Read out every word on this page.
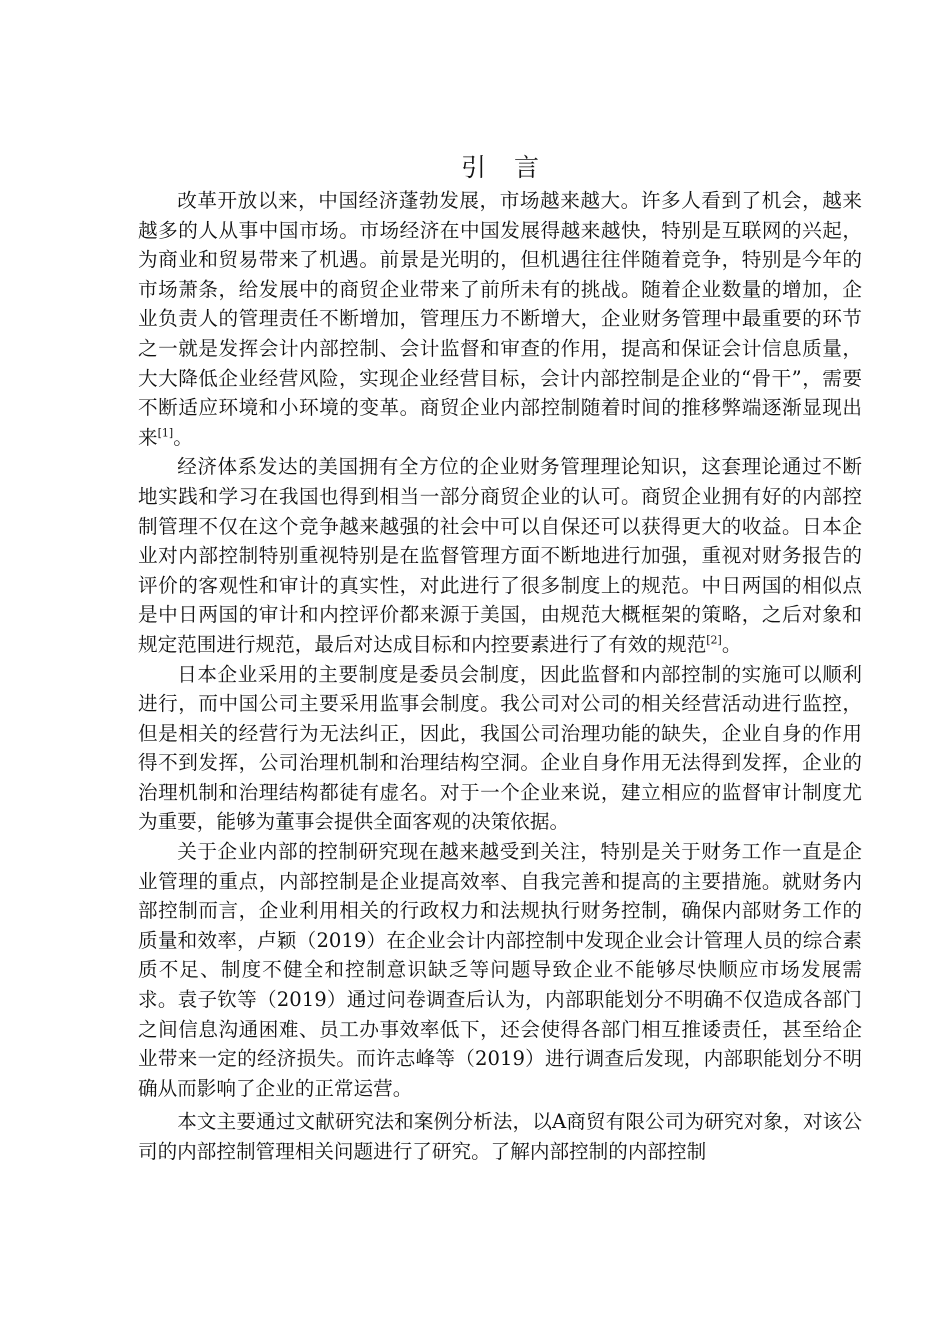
引 言

改革开放以来，中国经济蓬勃发展，市场越来越大。许多人看到了机会，越来越多的人从事中国市场。市场经济在中国发展得越来越快，特别是互联网的兴起，为商业和贸易带来了机遇。前景是光明的，但机遇往往伴随着竞争，特别是今年的市场萧条，给发展中的商贸企业带来了前所未有的挑战。随着企业数量的增加，企业负责人的管理责任不断增加，管理压力不断增大，企业财务管理中最重要的环节之一就是发挥会计内部控制、会计监督和审查的作用，提高和保证会计信息质量，大大降低企业经营风险，实现企业经营目标，会计内部控制是企业的“骨干”，需要不断适应环境和小环境的变革。商贸企业内部控制随着时间的推移弊端逐渐显现出来[1]。

经济体系发达的美国拥有全方位的企业财务管理理论知识，这套理论通过不断地实践和学习在我国也得到相当一部分商贸企业的认可。商贸企业拥有好的内部控制管理不仅在这个竞争越来越强的社会中可以自保还可以获得更大的收益。日本企业对内部控制特别重视特别是在监督管理方面不断地进行加强，重视对财务报告的评价的客观性和审计的真实性，对此进行了很多制度上的规范。中日两国的相似点是中日两国的审计和内控评价都来源于美国，由规范大概框架的策略，之后对象和规定范围进行规范，最后对达成目标和内控要素进行了有效的规范[2]。

日本企业采用的主要制度是委员会制度，因此监督和内部控制的实施可以顺利进行，而中国公司主要采用监事会制度。我公司对公司的相关经营活动进行监控，但是相关的经营行为无法纠正，因此，我国公司治理功能的缺失，企业自身的作用得不到发挥，公司治理机制和治理结构空洞。企业自身作用无法得到发挥，企业的治理机制和治理结构都徒有虚名。对于一个企业来说，建立相应的监督审计制度尤为重要，能够为董事会提供全面客观的决策依据。

关于企业内部的控制研究现在越来越受到关注，特别是关于财务工作一直是企业管理的重点，内部控制是企业提高效率、自我完善和提高的主要措施。就财务内部控制而言，企业利用相关的行政权力和法规执行财务控制，确保内部财务工作的质量和效率，卢颖（2019）在企业会计内部控制中发现企业会计管理人员的综合素质不足、制度不健全和控制意识缺乏等问题导致企业不能够尽快顺应市场发展需求。袁子钦等（2019）通过问卷调查后认为，内部职能划分不明确不仅造成各部门之间信息沟通困难、员工办事效率低下，还会使得各部门相互推诿责任，甚至给企业带来一定的经济损失。而许志峰等（2019）进行调查后发现，内部职能划分不明确从而影响了企业的正常运营。

本文主要通过文献研究法和案例分析法，以A商贸有限公司为研究对象，对该公司的内部控制管理相关问题进行了研究。了解内部控制的内部控制
